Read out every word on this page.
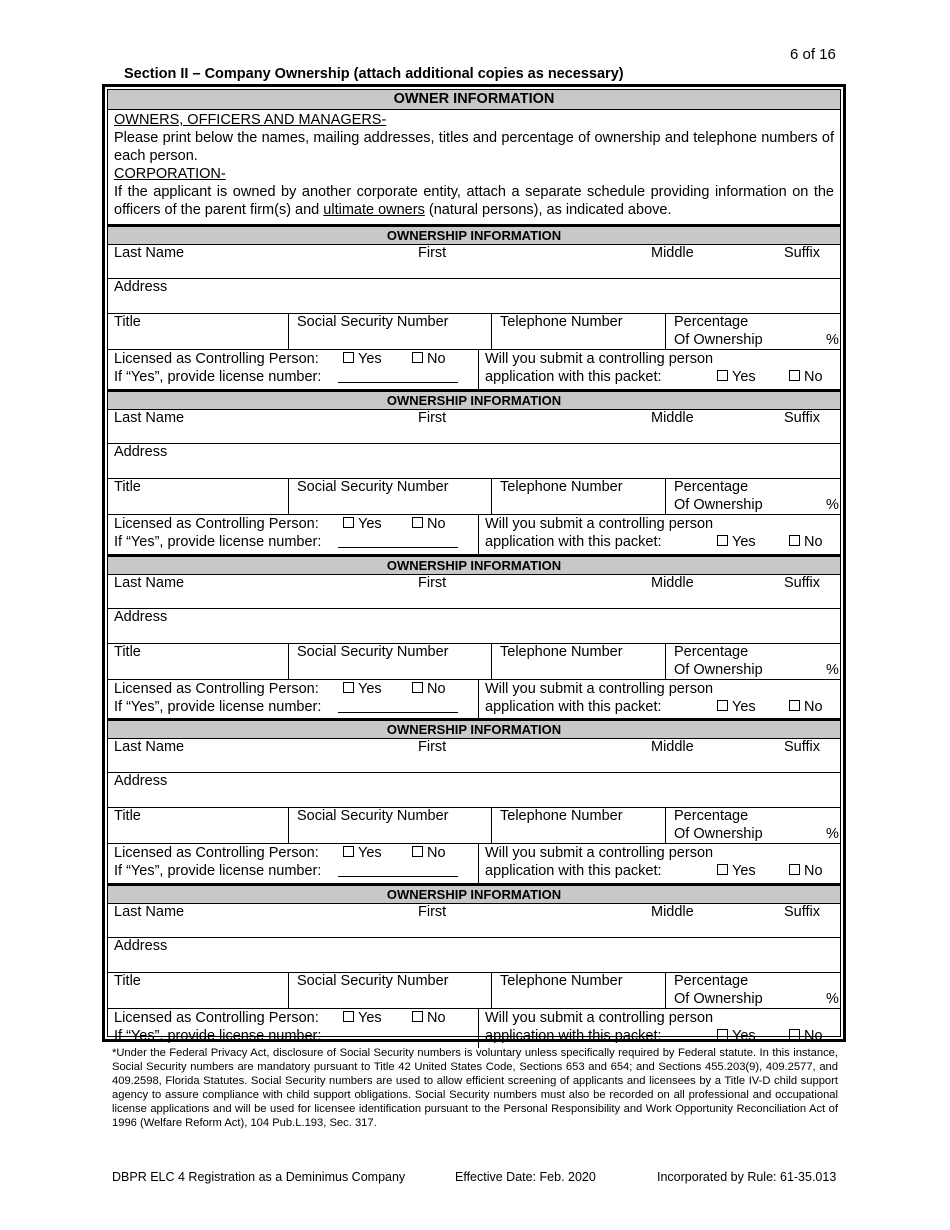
6 of 16
Section II – Company Ownership (attach additional copies as necessary)
OWNER INFORMATION
OWNERS, OFFICERS AND MANAGERS-
Please print below the names, mailing addresses, titles and percentage of ownership and telephone numbers of each person.
CORPORATION-
If the applicant is owned by another corporate entity, attach a separate schedule providing information on the officers of the parent firm(s) and ultimate owners (natural persons), as indicated above.
OWNERSHIP INFORMATION
Last Name	First	Middle	Suffix
Address
Title	Social Security Number	Telephone Number	Percentage
Of Ownership	%
Licensed as Controlling Person:	Yes	No
If “Yes”, provide license number:
Will you submit a controlling person
application with this packet:	Yes	No
OWNERSHIP INFORMATION
Last Name	First	Middle	Suffix
Address
Title	Social Security Number	Telephone Number	Percentage
Of Ownership	%
Licensed as Controlling Person:	Yes	No
If “Yes”, provide license number:
Will you submit a controlling person
application with this packet:	Yes	No
OWNERSHIP INFORMATION
Last Name	First	Middle	Suffix
Address
Title	Social Security Number	Telephone Number	Percentage
Of Ownership	%
Licensed as Controlling Person:	Yes	No
If “Yes”, provide license number:
Will you submit a controlling person
application with this packet:	Yes	No
OWNERSHIP INFORMATION
Last Name	First	Middle	Suffix
Address
Title	Social Security Number	Telephone Number	Percentage
Of Ownership	%
Licensed as Controlling Person:	Yes	No
If “Yes”, provide license number:
Will you submit a controlling person
application with this packet:	Yes	No
OWNERSHIP INFORMATION
Last Name	First	Middle	Suffix
Address
Title	Social Security Number	Telephone Number	Percentage
Of Ownership	%
Licensed as Controlling Person:	Yes	No
If “Yes”, provide license number:
Will you submit a controlling person
application with this packet:	Yes	No
*Under the Federal Privacy Act, disclosure of Social Security numbers is voluntary unless specifically required by Federal statute. In this instance, Social Security numbers are mandatory pursuant to Title 42 United States Code, Sections 653 and 654; and Sections 455.203(9), 409.2577, and 409.2598, Florida Statutes. Social Security numbers are used to allow efficient screening of applicants and licensees by a Title IV-D child support agency to assure compliance with child support obligations. Social Security numbers must also be recorded on all professional and occupational license applications and will be used for licensee identification pursuant to the Personal Responsibility and Work Opportunity Reconciliation Act of 1996 (Welfare Reform Act), 104 Pub.L.193, Sec. 317.
DBPR ELC 4 Registration as a Deminimus Company	Effective Date: Feb. 2020	Incorporated by Rule: 61-35.013
